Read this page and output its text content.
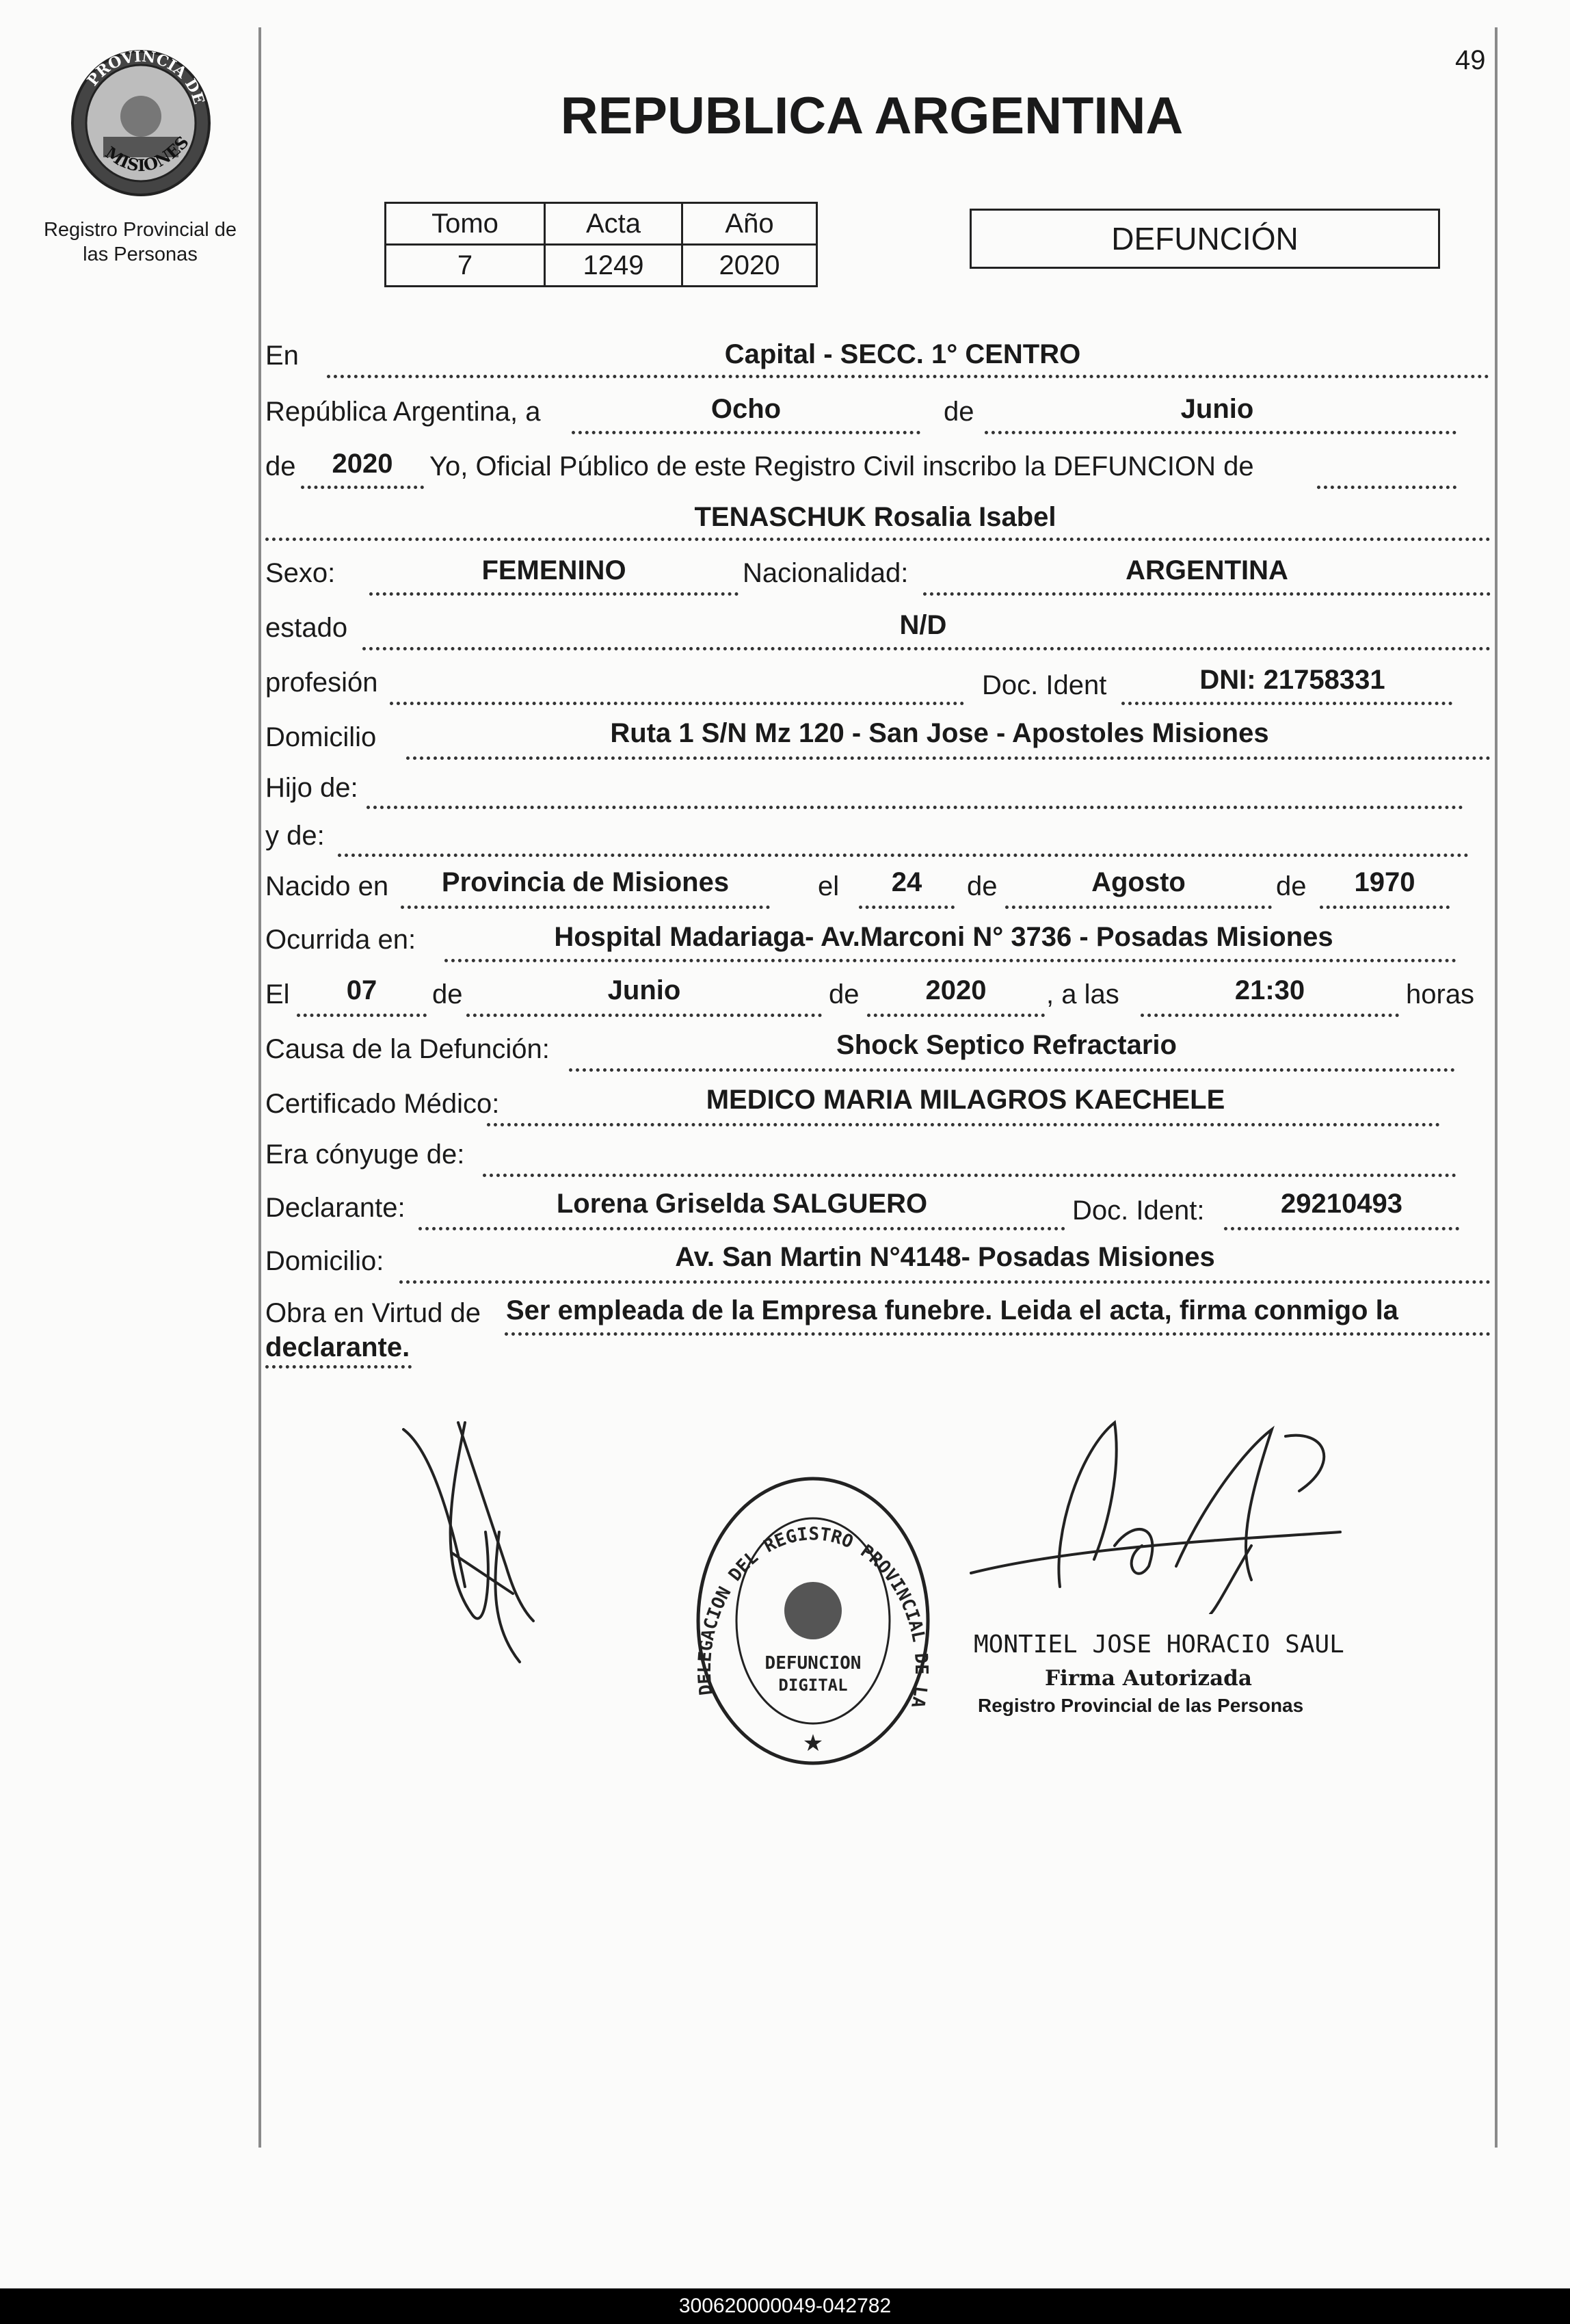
49
PROVINCIA DE
MISIONES
Registro Provincial de
las Personas
REPUBLICA ARGENTINA
Tomo	Acta	Año
7	1249	2020
DEFUNCIÓN
En	Capital - SECC. 1° CENTRO
República Argentina, a	Ocho	de	Junio
de	2020	Yo, Oficial Público de este Registro Civil inscribo la DEFUNCION de
TENASCHUK Rosalia Isabel
Sexo:	FEMENINO	Nacionalidad:	ARGENTINA
estado	N/D
profesión	Doc. Ident	DNI: 21758331
Domicilio	Ruta 1 S/N Mz 120 - San Jose - Apostoles Misiones
Hijo de:
y de:
Nacido en	Provincia de Misiones	el	24	de	Agosto	de	1970
Ocurrida en:	Hospital Madariaga- Av.Marconi N° 3736 - Posadas Misiones
El	07	de	Junio	de	2020	, a las	21:30	horas
Causa de la Defunción:	Shock Septico Refractario
Certificado Médico:	MEDICO MARIA MILAGROS KAECHELE
Era cónyuge de:
Declarante:	Lorena Griselda SALGUERO	Doc. Ident:	29210493
Domicilio:	Av. San Martin N°4148- Posadas Misiones
Obra en Virtud de Ser empleada de la Empresa funebre. Leida el acta, firma conmigo la
declarante.
DELEGACION DEL REGISTRO PROVINCIAL DE LA
DEFUNCION
DIGITAL
★
MONTIEL JOSE HORACIO SAUL
Firma Autorizada
Registro Provincial de las Personas
300620000049-042782
